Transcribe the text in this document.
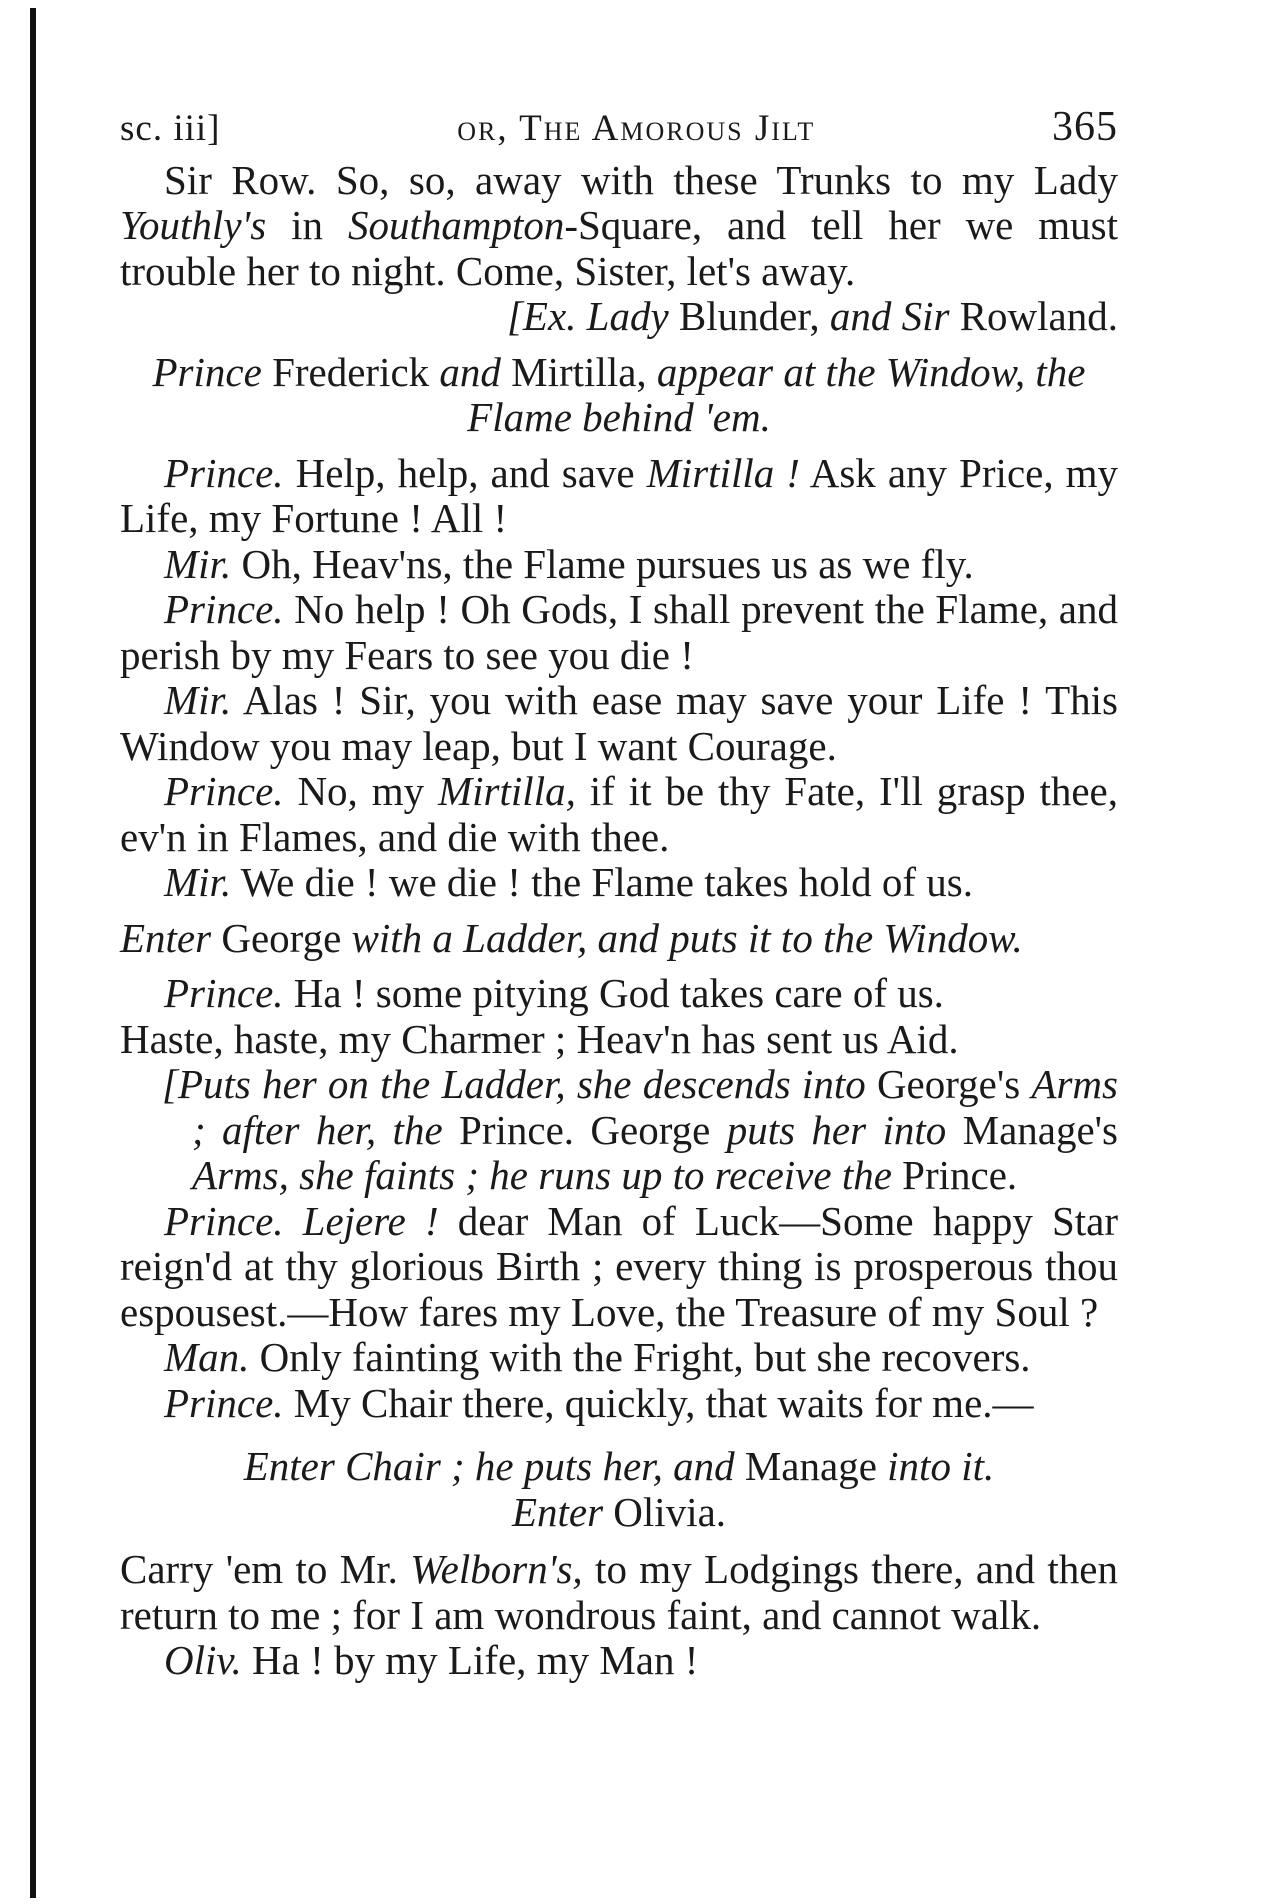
sc. iii]	or, The Amorous Jilt	365

Sir Row. So, so, away with these Trunks to my Lady Youthly's in Southampton-Square, and tell her we must trouble her to night. Come, Sister, let's away.

[Ex. Lady Blunder, and Sir Rowland.

Prince Frederick and Mirtilla, appear at the Window, the Flame behind 'em.

Prince. Help, help, and save Mirtilla ! Ask any Price, my Life, my Fortune ! All !

Mir. Oh, Heav'ns, the Flame pursues us as we fly.

Prince. No help ! Oh Gods, I shall prevent the Flame, and perish by my Fears to see you die !

Mir. Alas ! Sir, you with ease may save your Life ! This Window you may leap, but I want Courage.

Prince. No, my Mirtilla, if it be thy Fate, I'll grasp thee, ev'n in Flames, and die with thee.

Mir. We die ! we die ! the Flame takes hold of us.

Enter George with a Ladder, and puts it to the Window.

Prince. Ha ! some pitying God takes care of us.

Haste, haste, my Charmer ; Heav'n has sent us Aid.

[Puts her on the Ladder, she descends into George's Arms ; after her, the Prince. George puts her into Manage's Arms, she faints ; he runs up to receive the Prince.

Prince. Lejere ! dear Man of Luck—Some happy Star reign'd at thy glorious Birth ; every thing is prosperous thou espousest.—How fares my Love, the Treasure of my Soul ?

Man. Only fainting with the Fright, but she recovers.

Prince. My Chair there, quickly, that waits for me.—

Enter Chair ; he puts her, and Manage into it.

Enter Olivia.

Carry 'em to Mr. Welborn's, to my Lodgings there, and then return to me ; for I am wondrous faint, and cannot walk.

Oliv. Ha ! by my Life, my Man !
